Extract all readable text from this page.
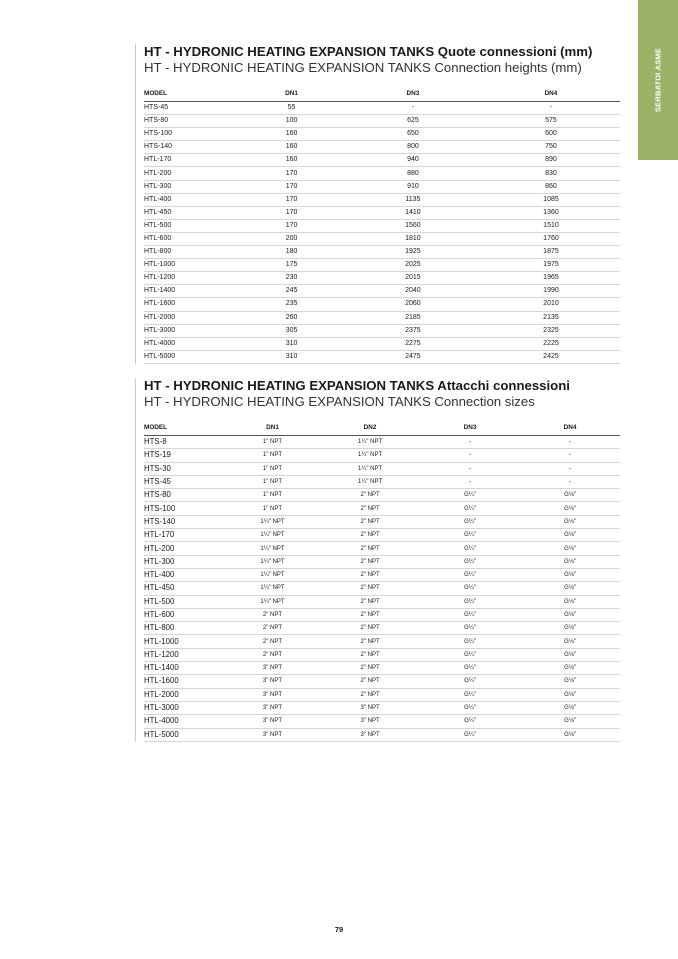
SERBATOI ASME
HT - HYDRONIC HEATING EXPANSION TANKS Quote connessioni (mm)
HT - HYDRONIC HEATING EXPANSION TANKS Connection heights (mm)
MODEL	DN1	DN3	DN4
HTS-45	55	-	-
HTS-80	100	625	575
HTS-100	160	650	600
HTS-140	160	800	750
HTL-170	160	940	890
HTL-200	170	880	830
HTL-300	170	910	860
HTL-400	170	1135	1085
HTL-450	170	1410	1360
HTL-500	170	1560	1510
HTL-600	200	1810	1760
HTL-800	180	1925	1875
HTL-1000	175	2025	1975
HTL-1200	230	2015	1965
HTL-1400	245	2040	1990
HTL-1600	235	2060	2010
HTL-2000	260	2185	2135
HTL-3000	305	2375	2325
HTL-4000	310	2275	2225
HTL-5000	310	2475	2425
HT - HYDRONIC HEATING EXPANSION TANKS Attacchi connessioni
HT - HYDRONIC HEATING EXPANSION TANKS Connection sizes
MODEL	DN1	DN2	DN3	DN4
HTS-8	1" NPT	1¼" NPT	-	-
HTS-19	1" NPT	1¼" NPT	-	-
HTS-30	1" NPT	1¼" NPT	-	-
HTS-45	1" NPT	1¼" NPT	-	-
HTS-80	1" NPT	2" NPT	G¼"	G⅛"
HTS-100	1" NPT	2" NPT	G¼"	G⅛"
HTS-140	1¼" NPT	2" NPT	G¼"	G⅛"
HTL-170	1¼" NPT	2" NPT	G¼"	G⅛"
HTL-200	1¼" NPT	2" NPT	G¼"	G⅛"
HTL-300	1¼" NPT	2" NPT	G¼"	G⅛"
HTL-400	1¼" NPT	2" NPT	G¼"	G⅛"
HTL-450	1¼" NPT	2" NPT	G¼"	G⅛"
HTL-500	1¼" NPT	2" NPT	G¼"	G⅛"
HTL-600	2" NPT	2" NPT	G¼"	G⅛"
HTL-800	2" NPT	2" NPT	G¼"	G⅛"
HTL-1000	2" NPT	2" NPT	G¼"	G⅛"
HTL-1200	2" NPT	2" NPT	G¼"	G⅛"
HTL-1400	3" NPT	2" NPT	G¼"	G⅛"
HTL-1600	3" NPT	2" NPT	G¼"	G⅛"
HTL-2000	3" NPT	2" NPT	G¼"	G⅛"
HTL-3000	3" NPT	3" NPT	G¼"	G⅛"
HTL-4000	3" NPT	3" NPT	G¼"	G⅛"
HTL-5000	3" NPT	3" NPT	G¼"	G⅛"
79
